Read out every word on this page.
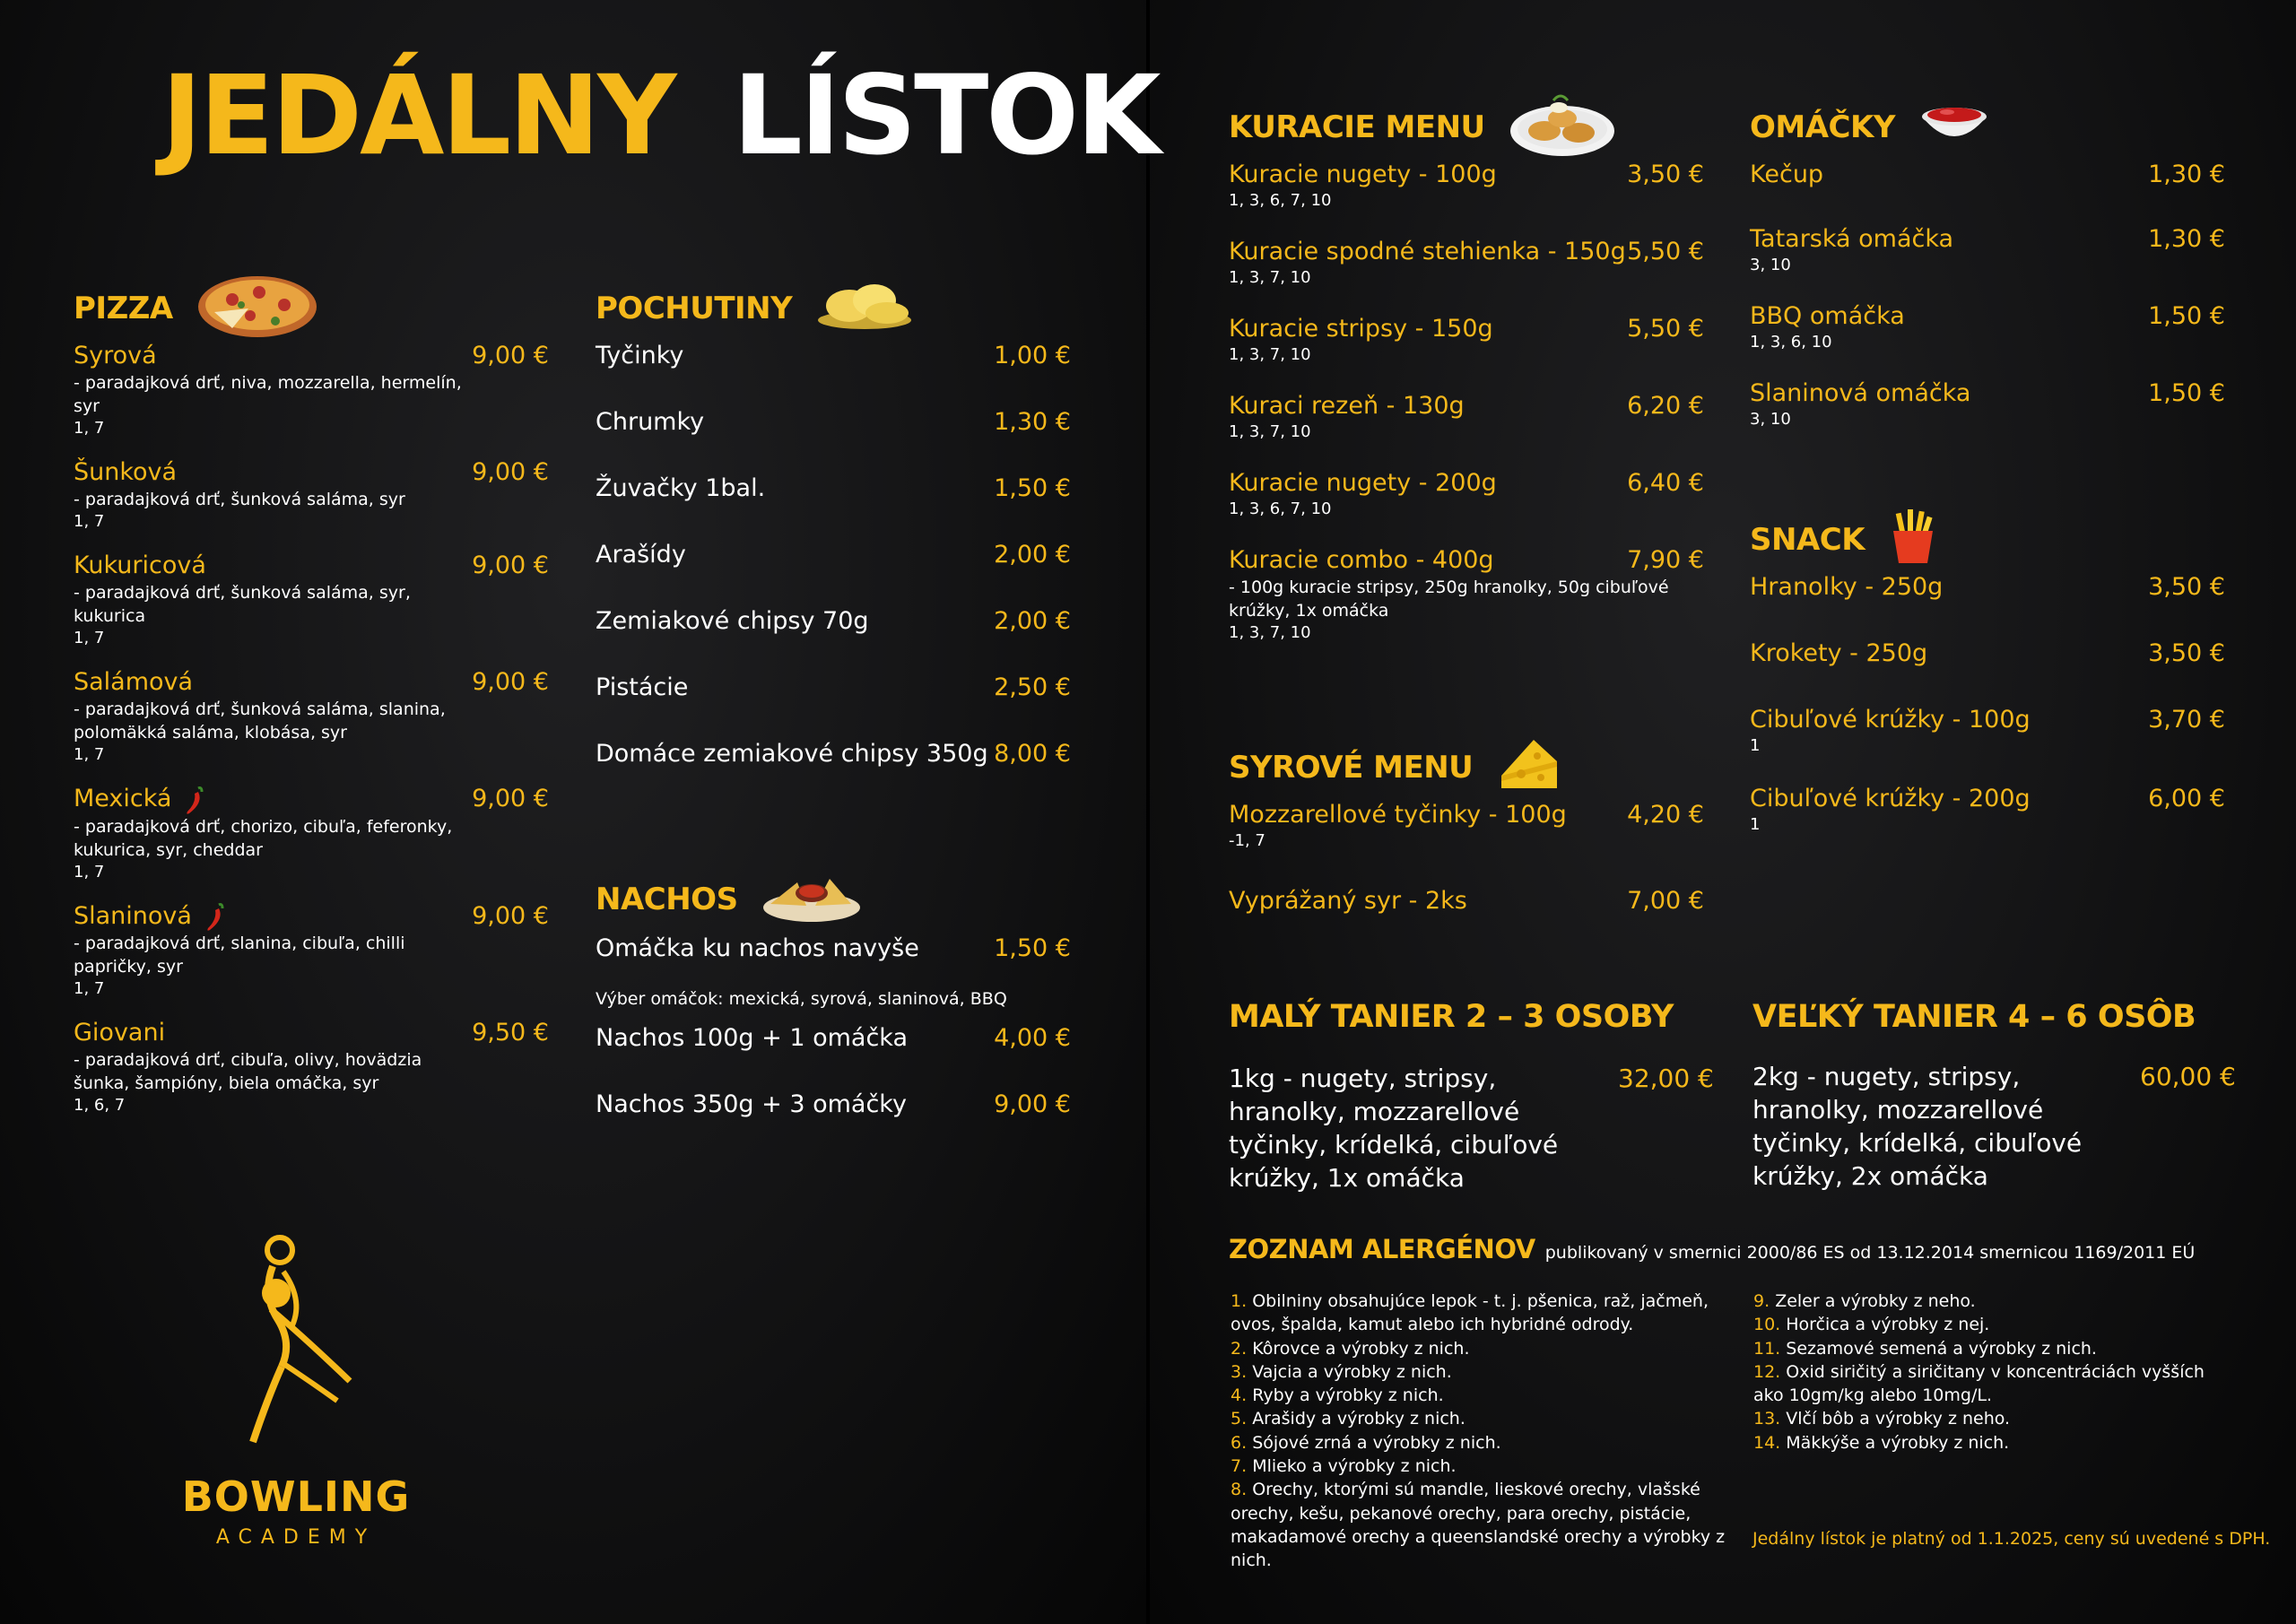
JEDÁLNY LÍSTOK
PIZZA
Syrová	9,00 €
- paradajková drť, niva, mozzarella, hermelín, syr
1, 7
Šunková	9,00 €
- paradajková drť, šunková saláma, syr
1, 7
Kukuricová	9,00 €
- paradajková drť, šunková saláma, syr, kukurica
1, 7
Salámová	9,00 €
- paradajková drť, šunková saláma, slanina, polomäkká saláma, klobása, syr
1, 7
Mexická	9,00 €
- paradajková drť, chorizo, cibuľa, feferonky, kukurica, syr, cheddar
1, 7
Slaninová	9,00 €
- paradajková drť, slanina, cibuľa, chilli papričky, syr
1, 7
Giovani	9,50 €
- paradajková drť, cibuľa, olivy, hovädzia šunka, šampióny, biela omáčka, syr
1, 6, 7
POCHUTINY
Tyčinky	1,00 €
Chrumky	1,30 €
Žuvačky 1bal.	1,50 €
Arašídy	2,00 €
Zemiakové chipsy 70g	2,00 €
Pistácie	2,50 €
Domáce zemiakové chipsy 350g 8,00 €
NACHOS
Omáčka ku nachos navyše	1,50 €
Výber omáčok: mexická, syrová, slaninová, BBQ
Nachos 100g + 1 omáčka	4,00 €
Nachos 350g + 3 omáčky	9,00 €
KURACIE MENU
Kuracie nugety - 100g	3,50 €
1, 3, 6, 7, 10
Kuracie spodné stehienka - 150g 5,50 €
1, 3, 7, 10
Kuracie stripsy - 150g	5,50 €
1, 3, 7, 10
Kuraci rezeň - 130g	6,20 €
1, 3, 7, 10
Kuracie nugety - 200g	6,40 €
1, 3, 6, 7, 10
Kuracie combo - 400g	7,90 €
- 100g kuracie stripsy, 250g hranolky, 50g cibuľové krúžky, 1x omáčka
1, 3, 7, 10
SYROVÉ MENU
Mozzarellové tyčinky - 100g 4,20 €
-1, 7
Vyprážaný syr - 2ks	7,00 €
OMÁČKY
Kečup	1,30 €
Tatarská omáčka	1,30 €
3, 10
BBQ omáčka	1,50 €
1, 3, 6, 10
Slaninová omáčka	1,50 €
3, 10
SNACK
Hranolky - 250g	3,50 €
Krokety - 250g	3,50 €
Cibuľové krúžky - 100g	3,70 €
1
Cibuľové krúžky - 200g	6,00 €
1
MALÝ TANIER 2 – 3 OSOBY
1kg - nugety, stripsy, hranolky, mozzarellové tyčinky, krídelká, cibuľové krúžky, 1x omáčka
32,00 €
VEĽKÝ TANIER 4 – 6 OSÔB
2kg - nugety, stripsy, hranolky, mozzarellové tyčinky, krídelká, cibuľové krúžky, 2x omáčka
60,00 €
ZOZNAM ALERGÉNOV publikovaný v smernici 2000/86 ES od 13.12.2014 smernicou 1169/2011 EÚ
1. Obilniny obsahujúce lepok - t. j. pšenica, raž, jačmeň, ovos, špalda, kamut alebo ich hybridné odrody.
2. Kôrovce a výrobky z nich.
3. Vajcia a výrobky z nich.
4. Ryby a výrobky z nich.
5. Arašidy a výrobky z nich.
6. Sójové zrná a výrobky z nich.
7. Mlieko a výrobky z nich.
8. Orechy, ktorými sú mandle, lieskové orechy, vlašské orechy, kešu, pekanové orechy, para orechy, pistácie, makadamové orechy a queenslandské orechy a výrobky z nich.
9. Zeler a výrobky z neho.
10. Horčica a výrobky z nej.
11. Sezamové semená a výrobky z nich.
12. Oxid siričitý a siričitany v koncentráciách vyšších ako 10gm/kg alebo 10mg/L.
13. Vlčí bôb a výrobky z neho.
14. Mäkkýše a výrobky z nich.
Jedálny lístok je platný od 1.1.2025, ceny sú uvedené s DPH.
BOWLING
ACADEMY
